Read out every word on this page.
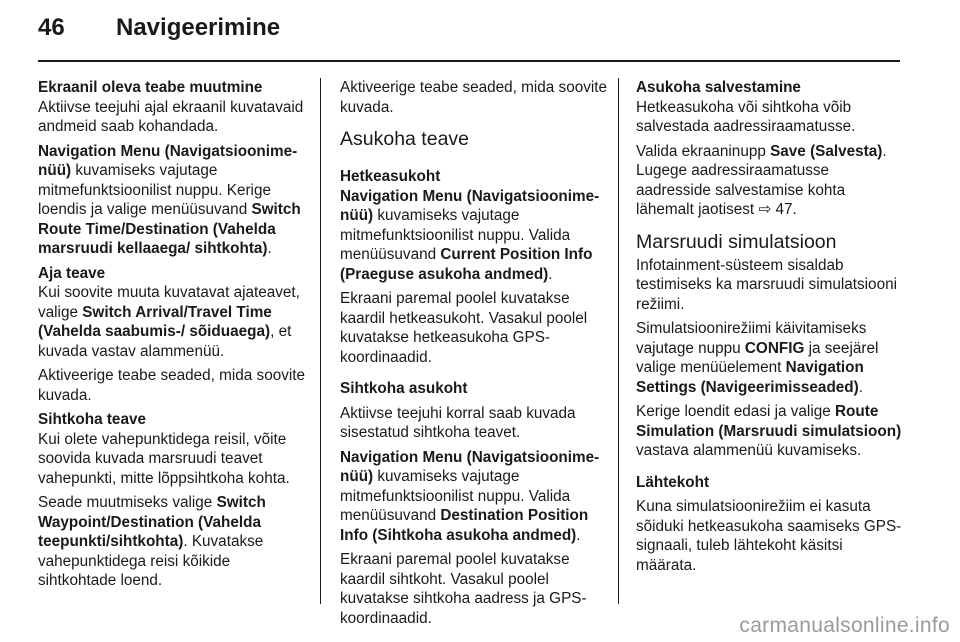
46 Navigeerimine
Ekraanil oleva teabe muutmine
Aktiivse teejuhi ajal ekraanil kuvatavaid andmeid saab kohandada.
Navigation Menu (Navigatsioonime‐nüü) kuvamiseks vajutage mitmefunktsioonilist nuppu. Kerige loendis ja valige menüüsuvand Switch Route Time/Destination (Vahelda marsruudi kellaaega/ sihtkohta).
Aja teave
Kui soovite muuta kuvatavat ajateavet, valige Switch Arrival/Travel Time (Vahelda saabumis-/ sõiduaega), et kuvada vastav alammenüü.
Aktiveerige teabe seaded, mida soovite kuvada.
Sihtkoha teave
Kui olete vahepunktidega reisil, võite soovida kuvada marsruudi teavet vahepunkti, mitte lõppsihtkoha kohta.
Seade muutmiseks valige Switch Waypoint/Destination (Vahelda teepunkti/sihtkohta). Kuvatakse vahepunktidega reisi kõikide sihtkohtade loend.
Aktiveerige teabe seaded, mida soovite kuvada.
Asukoha teave
Hetkeasukoht
Navigation Menu (Navigatsioonime‐nüü) kuvamiseks vajutage mitmefunktsioonilist nuppu. Valida menüüsuvand Current Position Info (Praeguse asukoha andmed).
Ekraani paremal poolel kuvatakse kaardil hetkeasukoht. Vasakul poolel kuvatakse hetkeasukoha GPS-koordinaadid.
Sihtkoha asukoht
Aktiivse teejuhi korral saab kuvada sisestatud sihtkoha teavet.
Navigation Menu (Navigatsioonime‐nüü) kuvamiseks vajutage mitmefunktsioonilist nuppu. Valida menüüsuvand Destination Position Info (Sihtkoha asukoha andmed).
Ekraani paremal poolel kuvatakse kaardil sihtkoht. Vasakul poolel kuvatakse sihtkoha aadress ja GPS-koordinaadid.
Asukoha salvestamine
Hetkeasukoha või sihtkoha võib salvestada aadressiraamatusse.
Valida ekraaninupp Save (Salvesta). Lugege aadressiraamatusse aadresside salvestamise kohta lähemalt jaotisest ⇨ 47.
Marsruudi simulatsioon
Infotainment-süsteem sisaldab testimiseks ka marsruudi simulatsiooni režiimi.
Simulatsioonirežiimi käivitamiseks vajutage nuppu CONFIG ja seejärel valige menüüelement Navigation Settings (Navigeerimisseaded).
Kerige loendit edasi ja valige Route Simulation (Marsruudi simulatsioon) vastava alammenüü kuvamiseks.
Lähtekoht
Kuna simulatsioonirežiim ei kasuta sõiduki hetkeasukoha saamiseks GPS-signaali, tuleb lähtekoht käsitsi määrata.
carmanualsonline.info
